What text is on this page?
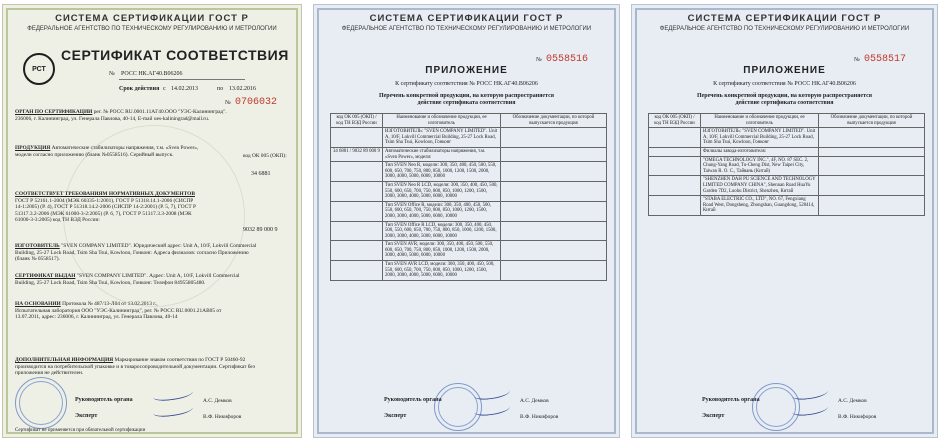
СИСТЕМА СЕРТИФИКАЦИИ ГОСТ Р
ФЕДЕРАЛЬНОЕ АГЕНТСТВО ПО ТЕХНИЧЕСКОМУ РЕГУЛИРОВАНИЮ И МЕТРОЛОГИИ
РСТ
СЕРТИФИКАТ СООТВЕТСТВИЯ
№ РОСС НК.АГ40.В06206
Срок действия с 14.02.2013	по 13.02.2016
№ 0706032
ОРГАН ПО СЕРТИФИКАЦИИ рег. № РОСС RU.0001.11АГ40.ООО "УЭС-Калининград".
236006, г. Калининград, ул. Генерала Павлова, 40-14, E-mail ues-kaliningrad@mail.ru.
ПРОДУКЦИЯ Автоматические стабилизаторы напряжения, т.м. «Sven Power»,
модели согласно приложению (бланк №0558516). Серийный выпуск.	код ОК 005 (ОКП):
34 6881
СООТВЕТСТВУЕТ ТРЕБОВАНИЯМ НОРМАТИВНЫХ ДОКУМЕНТОВ
ГОСТ Р 52161.1-2004 (МЭК 60335-1:2001), ГОСТ Р 51318.14.1-2006 (СИСПР
14-1:2005) (Р. 4), ГОСТ Р 51318.14.2-2006 (СИСПР 14-2:2001) (Р. 5, 7), ГОСТ Р
51317.3.2-2006 (МЭК 61000-3-2:2005) (Р. 6, 7), ГОСТ Р 51317.3.3-2008 (МЭК
61000-3-3:2005) код ТН ВЭД России:
9032 89 000 9
ИЗГОТОВИТЕЛЬ "SVEN COMPANY LIMITED". Юридический адрес: Unit A, 10/F, Lokvill Commercial
Building, 25-27 Lock Road, Tsim Sha Tsui, Kowloon, Гонконг. Адреса филиалов: согласно Приложению
(бланк № 0558517).
СЕРТИФИКАТ ВЫДАН "SVEN COMPANY LIMITED". Адрес: Unit A, 10/F, Lokvill Commercial
Building, 25-27 Lock Road, Tsim Sha Tsui, Kowloon, Гонконг. Телефон 84955805480.
НА ОСНОВАНИИ Протокола № 487/13-Л04 от 13.02.2013 г.,
Испытательная лаборатория ООО "УЭС-Калининград", рег. № РОСС RU.0001.21АВ05 от
13.07.2011, адрес: 236006, г. Калининград, ул. Генерала Павлова, 40-14
ДОПОЛНИТЕЛЬНАЯ ИНФОРМАЦИЯ Маркирование знаком соответствия по ГОСТ Р 50460-92
производится на потребительской упаковке и в товаросопроводительной документации. Сертификат без
приложения не действителен.
Руководитель органа	А.С. Демков
Эксперт	В.Ф. Никифоров
Сертификат не применяется при обязательной сертификации
СИСТЕМА СЕРТИФИКАЦИИ ГОСТ Р
ФЕДЕРАЛЬНОЕ АГЕНТСТВО ПО ТЕХНИЧЕСКОМУ РЕГУЛИРОВАНИЮ И МЕТРОЛОГИИ
№ 0558516
ПРИЛОЖЕНИЕ
К сертификату соответствия № РОСС НК.АГ40.В06206
Перечень конкретной продукции, на которую распространяется
действие сертификата соответствия
код ОК 005 (ОКП) / код ТН ВЭД России	Наименование и обозначение продукции, ее изготовитель	Обозначение документации, по которой выпускается продукция
	ИЗГОТОВИТЕЛЬ: "SVEN COMPANY LIMITED". Unit A, 10/F, Lokvill Commercial Building, 25-27 Lock Road, Tsim Sha Tsui, Kowloon, Гонконг	
34 6881 / 9032 89 000 9	Автоматические стабилизаторы напряжения, т.м. «Sven Power», модели:	
	Тип SVEN Neo R, модели: 300, 350, 400, 450, 500, 550, 600, 650, 700, 750, 800, 850, 1000, 1200, 1500, 2000, 3000, 4000, 5000, 6000, 10000	
	Тип SVEN Neo R LCD, модели: 300, 350, 400, 450, 500, 550, 600, 650, 700, 750, 800, 850, 1000, 1200, 1500, 2000, 3000, 4000, 5000, 6000, 10000	
	Тип SVEN Office R, модели: 300, 350, 400, 450, 500, 550, 600, 650, 700, 750, 800, 850, 1000, 1200, 1500, 2000, 3000, 4000, 5000, 6000, 10000	
	Тип SVEN Office R LCD, модели: 300, 350, 400, 450, 500, 550, 600, 650, 700, 750, 800, 850, 1000, 1200, 1500, 2000, 3000, 4000, 5000, 6000, 10000	
	Тип SVEN AVR, модели: 300, 350, 400, 450, 500, 550, 600, 650, 700, 750, 800, 850, 1000, 1200, 1500, 2000, 3000, 4000, 5000, 6000, 10000	
	Тип SVEN AVR LCD, модели: 300, 350, 400, 450, 500, 550, 600, 650, 700, 750, 800, 850, 1000, 1200, 1500, 2000, 3000, 4000, 5000, 6000, 10000	
Руководитель органа	А.С. Демков
Эксперт	В.Ф. Никифоров
СИСТЕМА СЕРТИФИКАЦИИ ГОСТ Р
ФЕДЕРАЛЬНОЕ АГЕНТСТВО ПО ТЕХНИЧЕСКОМУ РЕГУЛИРОВАНИЮ И МЕТРОЛОГИИ
№ 0558517
ПРИЛОЖЕНИЕ
К сертификату соответствия № РОСС НК.АГ40.В06206
Перечень конкретной продукции, на которую распространяется
действие сертификата соответствия
код ОК 005 (ОКП) / код ТН ВЭД России	Наименование и обозначение продукции, ее изготовитель	Обозначение документации, по которой выпускается продукция
	ИЗГОТОВИТЕЛЬ: "SVEN COMPANY LIMITED". Unit A, 10/F, Lokvill Commercial Building, 25-27 Lock Road, Tsim Sha Tsui, Kowloon, Гонконг	
	Филиалы завода-изготовителя:	
	"OMEGA TECHNOLOGY INC.", 4F, NO. 87 SEC. 2, Chung-Yang Road, Tu-Cheng Dist, New Taipei City, Taiwan R. O. C., Тайвань (Китай)	
	"SHENZHEN DAH PU SCIENCE AND TECHNOLOGY LIMITED COMPANY CHINA", Shennan Road HuaYu Garden 7D2, Luohu District, Shenzhen, Китай	
	"STABA ELECTRIC CO., LTD", NO. 67, Fengxiang Road West, Dongsheng, Zhongshan, Guangdong, 528414, Китай	
Руководитель органа	А.С. Демков
Эксперт	В.Ф. Никифоров
